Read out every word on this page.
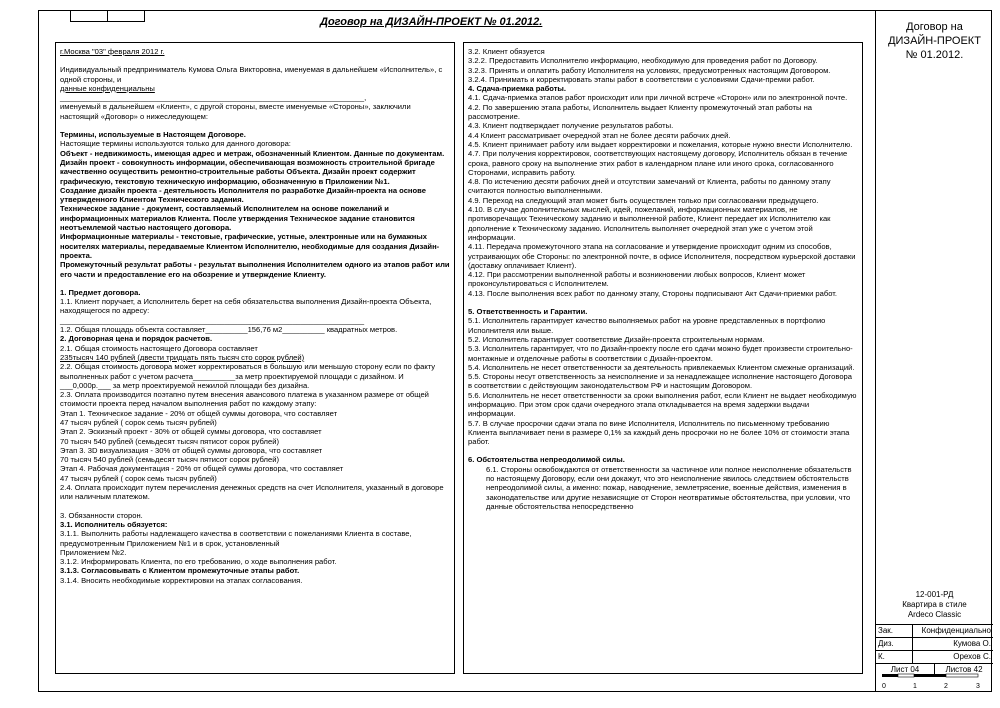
Договор на ДИЗАЙН-ПРОЕКТ № 01.2012.	Договор на
ДИЗАЙН-ПРОЕКТ
№ 01.2012.
12-001-РД
Квартира в стиле
Ardeco Classic
Зак.	Конфиденциально
Диз.	Кумова О.
К.	Орехов С.
Лист 04	Листов 42
0	1	2	3

г.Москва "03" февраля 2012 г.

Индивидуальный предприниматель Кумова Ольга Викторовна, именуемая в дальнейшем «Исполнитель», с одной стороны, и

данные конфиденциальны

________________________________________________________________________,

именуемый в дальнейшем «Клиент», с другой стороны, вместе именуемые «Стороны», заключили настоящий «Договор» о нижеследующем:

Термины, используемые в Настоящем Договоре.

Настоящие термины используются только для данного договора:

Объект - недвижимость, имеющая адрес и метраж, обозначенный Клиентом. Данные по документам.

Дизайн проект - совокупность информации, обеспечивающая возможность строительной бригаде качественно осуществить ремонтно-строительные работы Объекта. Дизайн проект содержит графическую, текстовую техническую информацию, обозначенную в Приложении №1.

Создание дизайн проекта - деятельность Исполнителя по разработке Дизайн-проекта на основе утвержденного Клиентом Технического задания.

Техническое задание - документ, составляемый Исполнителем на основе пожеланий и информационных материалов Клиента. После утверждения Техническое задание становится неотъемлемой частью настоящего договора.

Информационные материалы - текстовые, графические, устные, электронные или на бумажных носителях материалы, передаваемые Клиентом Исполнителю, необходимые для создания Дизайн-проекта.

Промежуточный результат работы - результат выполнения Исполнителем одного из этапов работ или его части и предоставление его на обозрение и утверждение Клиенту.

1. Предмет договора.

1.1. Клиент поручает, а Исполнитель берет на себя обязательства выполнения Дизайн-проекта Объекта, находящегося по адресу:

________________________________________________________________________

1.2. Общая площадь объекта составляет__________156,76 м2__________ квадратных метров.

2. Договорная цена и порядок расчетов.

2.1. Общая стоимость настоящего Договора составляет

235тысяч 140 рублей (двести тридцать пять тысяч сто сорок рублей)

2.2. Общая стоимость договора может корректироваться в большую или меньшую сторону если по факту выполненных работ с учетом расчета__________за метр проектируемой площади с дизайном. И ___0,000р.___ за метр проектируемой нежилой площади без дизайна.

2.3. Оплата производится поэтапно путем внесения авансового платежа в указанном размере от общей стоимости проекта перед началом выполнения работ по каждому этапу:

Этап 1. Техническое задание - 20% от общей суммы договора, что составляет

47 тысяч рублей ( сорок семь тысяч рублей)

Этап 2. Эскизный проект - 30% от общей суммы договора, что составляет

70 тысяч 540 рублей (семьдесят тысяч пятисот сорок рублей)

Этап 3. 3D визуализация - 30% от общей суммы договора, что составляет

70 тысяч 540 рублей (семьдесят тысяч пятисот сорок рублей)

Этап 4. Рабочая документация - 20% от общей суммы договора, что составляет

47 тысяч рублей ( сорок семь тысяч рублей)

2.4. Оплата происходит путем перечисления денежных средств на счет Исполнителя, указанный в договоре или наличным платежом.

3. Обязанности сторон.

3.1. Исполнитель обязуется:

3.1.1. Выполнить работы надлежащего качества в соответствии с пожеланиями Клиента в составе, предусмотренным Приложением №1 и в срок, установленный

Приложением №2.

3.1.2. Информировать Клиента, по его требованию, о ходе выполнения работ.

3.1.3. Согласовывать с Клиентом промежуточные этапы работ.

3.1.4. Вносить необходимые корректировки на этапах согласования.

3.2. Клиент обязуется

3.2.2. Предоставить Исполнителю информацию, необходимую для проведения работ по Договору.

3.2.3. Принять и оплатить работу Исполнителя на условиях, предусмотренных настоящим Договором.

3.2.4. Принимать и корректировать этапы работ в соответствии с условиями Сдачи-премки работ.

4. Сдача-приемка работы.

4.1. Сдача-приемка этапов работ происходит или при личной встрече «Сторон» или по электронной почте.

4.2. По завершению этапа работы, Исполнитель выдает Клиенту промежуточный этап работы на рассмотрение.

4.3. Клиент подтверждает получение результатов работы.

4.4 Клиент рассматривает очередной этап не более десяти рабочих дней.

4.5. Клиент принимает работу или выдает корректировки и пожелания, которые нужно внести Исполнителю.

4.7. При получения корректировок, соответствующих настоящему договору, Исполнитель обязан в течение срока, равного сроку на выполнение этих работ в календарном плане или иного срока, согласованного Сторонами, исправить работу.

4.8. По истечению десяти рабочих дней и отсутствии замечаний от Клиента, работы по данному этапу считаются полностью выполненными.

4.9. Переход на следующий этап может быть осуществлен только при согласовании предыдущего.

4.10. В случае дополнительных мыслей, идей, пожеланий, информационных материалов, не противоречащих Техническому заданию и выполненной работе, Клиент передает их Исполнителю как дополнение к Техническому заданию. Исполнитель выполняет очередной этап уже с учетом этой информации.

4.11. Передача промежуточного этапа на согласование и утверждение происходит одним из способов, устраивающих обе Стороны: по электронной почте, в офисе Исполнителя, посредством курьерской доставки (доставку оплачивает Клиент).

4.12. При рассмотрении выполненной работы и возникновении любых вопросов, Клиент может проконсультироваться с Исполнителем.

4.13. После выполнения всех работ по данному этапу, Стороны подписывают Акт Сдачи-приемки работ.

5. Ответственность и Гарантии.

5.1. Исполнитель гарантирует качество выполняемых работ на уровне представленных в портфолио Исполнителя или выше.

5.2. Исполнитель гарантирует соответствие Дизайн-проекта строительным нормам.

5.3. Исполнитель гарантирует, что по Дизайн-проекту после его сдачи можно будет произвести строительно-монтажные и отделочные работы в соответствии с Дизайн-проектом.

5.4. Исполнитель не несет ответственности за деятельность привлекаемых Клиентом смежные организаций.

5.5. Стороны несут ответственность за неисполнение и за ненадлежащее исполнение настоящего Договора в соответствии с действующим законодательством РФ и настоящим Договором.

5.6. Исполнитель не несет ответственности за сроки выполнения работ, если Клиент не выдает необходимую информацию. При этом срок сдачи очередного этапа откладывается на время задержки выдачи информации.

5.7. В случае просрочки сдачи этапа по вине Исполнителя, Исполнитель по письменному требованию Клиента выплачивает пени в размере 0,1% за каждый день просрочки но не более 10% от стоимости этапа работ.

6. Обстоятельства непреодолимой силы.

6.1. Стороны освобождаются от ответственности за частичное или полное неисполнение обязательств по настоящему Договору, если они докажут, что это неисполнение явилось следствием обстоятельств непреодолимой силы, а именно: пожар, наводнение, землетрясение, военные действия, изменения в законодательстве или другие независящие от Сторон неотвратимые обстоятельства, при условии, что данные обстоятельства непосредственно
